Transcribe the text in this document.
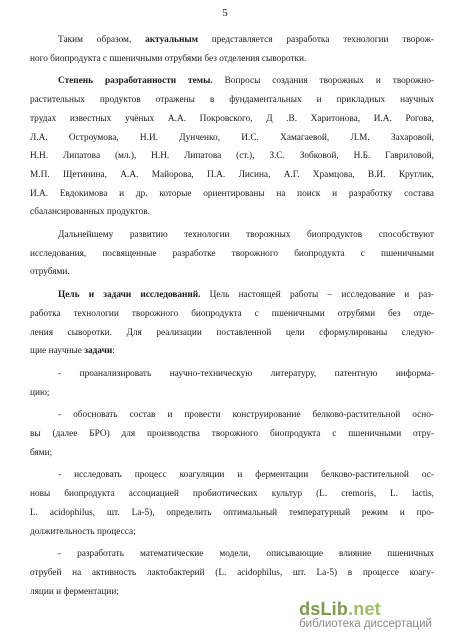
5
Таким образом, актуальным представляется разработка технологии творож-
ного биопродукта с пшеничными отрубями без отделения сыворотки.
Степень разработанности темы. Вопросы создания творожных и творожно-
растительных продуктов отражены в фундаментальных и прикладных научных
трудах известных учёных А.А. Покровского, Д .В. Харитонова, И.А. Рогова,
Л.А. Остроумова, Н.И. Дунченко, И.С. Хамагаевой, Л.М. Захаровой,
Н.Н. Липатова (мл.), Н.Н. Липатова (ст.), З.С. Зобковой, Н.Б. Гавриловой,
М.П. Щетинина, А.А. Майорова, П.А. Лисина, А.Г. Храмцова, В.И. Круглик,
И.А. Евдокимова и др. которые ориентированы на поиск и разработку состава
сбалансированных продуктов.
Дальнейшему развитию технологии творожных биопродуктов способствуют
исследования, посвященные разработке творожного биопродукта с пшеничными
отрубями.
Цель и задачи исследований. Цель настоящей работы – исследование и раз-
работка технологии творожного биопродукта с пшеничными отрубями без отде-
ления сыворотки. Для реализации поставленной цели сформулированы следую-
щие научные задачи:
- проанализировать научно-техническую литературу, патентную информа-
цию;
- обосновать состав и провести конструирование белково-растительной осно-
вы (далее БРО) для производства творожного биопродукта с пшеничными отру-
бями;
- исследовать процесс коагуляции и ферментации белково-растительной ос-
новы биопродукта ассоциацией пробиотических культур (L. cremoris, L. lactis,
L. acidophilus, шт. La-5), определить оптимальный температурный режим и про-
должительность процесса;
- разработать математические модели, описывающие влияние пшеничных
отрубей на активность лактобактерий (L. acidophilus, шт. La-5) в процессе коагу-
ляции и ферментации;
dsLib.net
библиотека диссертаций
